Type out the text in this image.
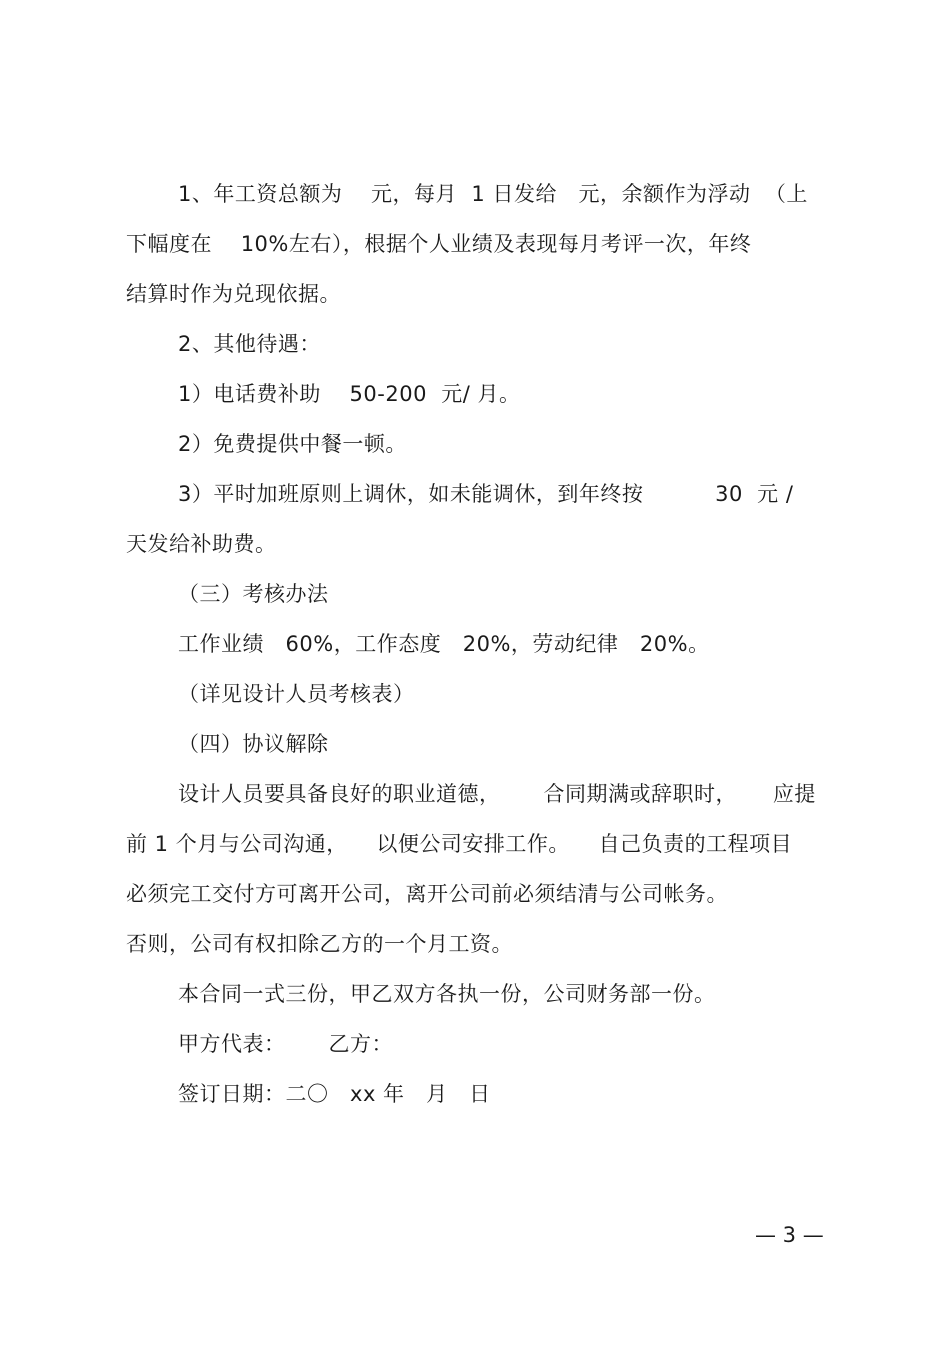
1、年工资总额为    元，每月  1 日发给   元，余额作为浮动  （上
下幅度在    10%左右），根据个人业绩及表现每月考评一次，年终
结算时作为兑现依据。
2、其他待遇：
1）电话费补助    50-200  元/ 月。
2）免费提供中餐一顿。
3）平时加班原则上调休，如未能调休，到年终按          30  元 /
天发给补助费。
（三）考核办法
工作业绩   60%，工作态度   20%，劳动纪律   20%。
（详见设计人员考核表）
（四）协议解除
设计人员要具备良好的职业道德，      合同期满或辞职时，     应提
前 1 个月与公司沟通，    以便公司安排工作。    自己负责的工程项目
必须完工交付方可离开公司，离开公司前必须结清与公司帐务。
否则，公司有权扣除乙方的一个月工资。
本合同一式三份，甲乙双方各执一份，公司财务部一份。
甲方代表：      乙方：
签订日期：二〇   xx 年   月   日
— 3 —
